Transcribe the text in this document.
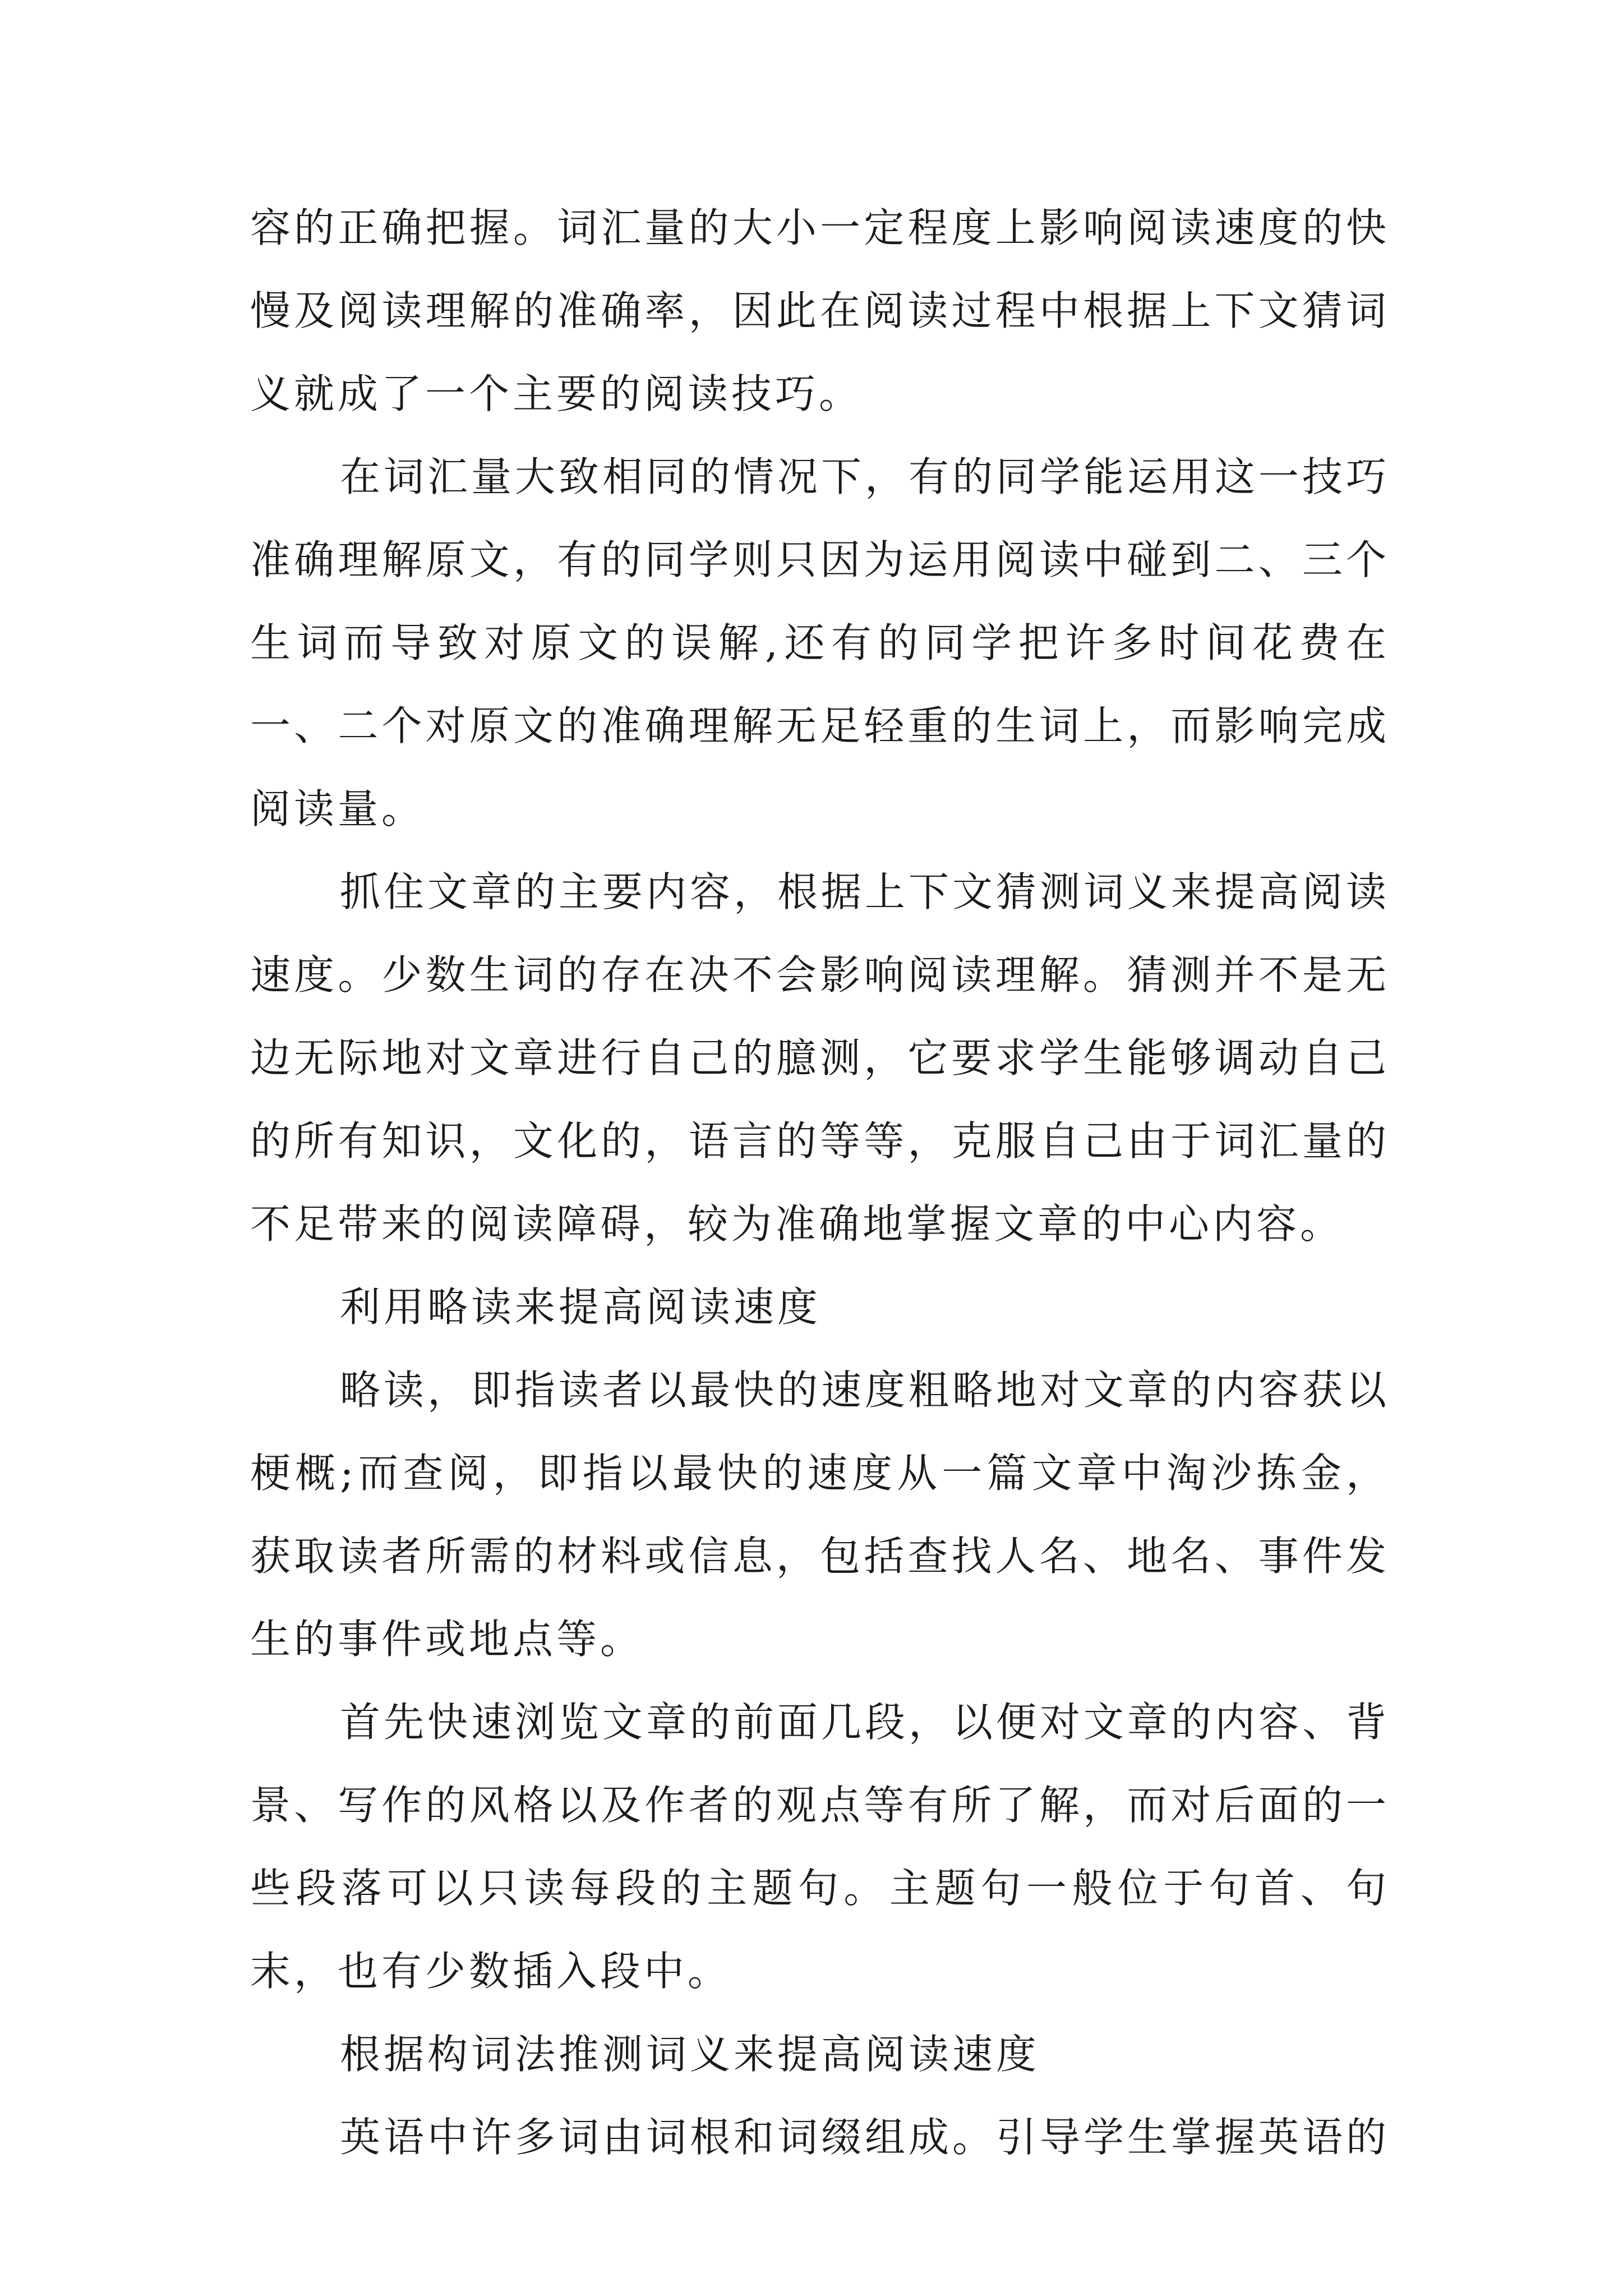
容的正确把握。词汇量的大小一定程度上影响阅读速度的快慢及阅读理解的准确率，因此在阅读过程中根据上下文猜词义就成了一个主要的阅读技巧。

在词汇量大致相同的情况下，有的同学能运用这一技巧准确理解原文，有的同学则只因为运用阅读中碰到二、三个生词而导致对原文的误解,还有的同学把许多时间花费在一、二个对原文的准确理解无足轻重的生词上，而影响完成阅读量。

抓住文章的主要内容，根据上下文猜测词义来提高阅读速度。少数生词的存在决不会影响阅读理解。猜测并不是无边无际地对文章进行自己的臆测，它要求学生能够调动自己的所有知识，文化的，语言的等等，克服自己由于词汇量的不足带来的阅读障碍，较为准确地掌握文章的中心内容。

利用略读来提高阅读速度

略读，即指读者以最快的速度粗略地对文章的内容获以梗概;而查阅，即指以最快的速度从一篇文章中淘沙拣金，获取读者所需的材料或信息，包括查找人名、地名、事件发生的事件或地点等。

首先快速浏览文章的前面几段，以便对文章的内容、背景、写作的风格以及作者的观点等有所了解，而对后面的一些段落可以只读每段的主题句。主题句一般位于句首、句末，也有少数插入段中。

根据构词法推测词义来提高阅读速度

英语中许多词由词根和词缀组成。引导学生掌握英语的
